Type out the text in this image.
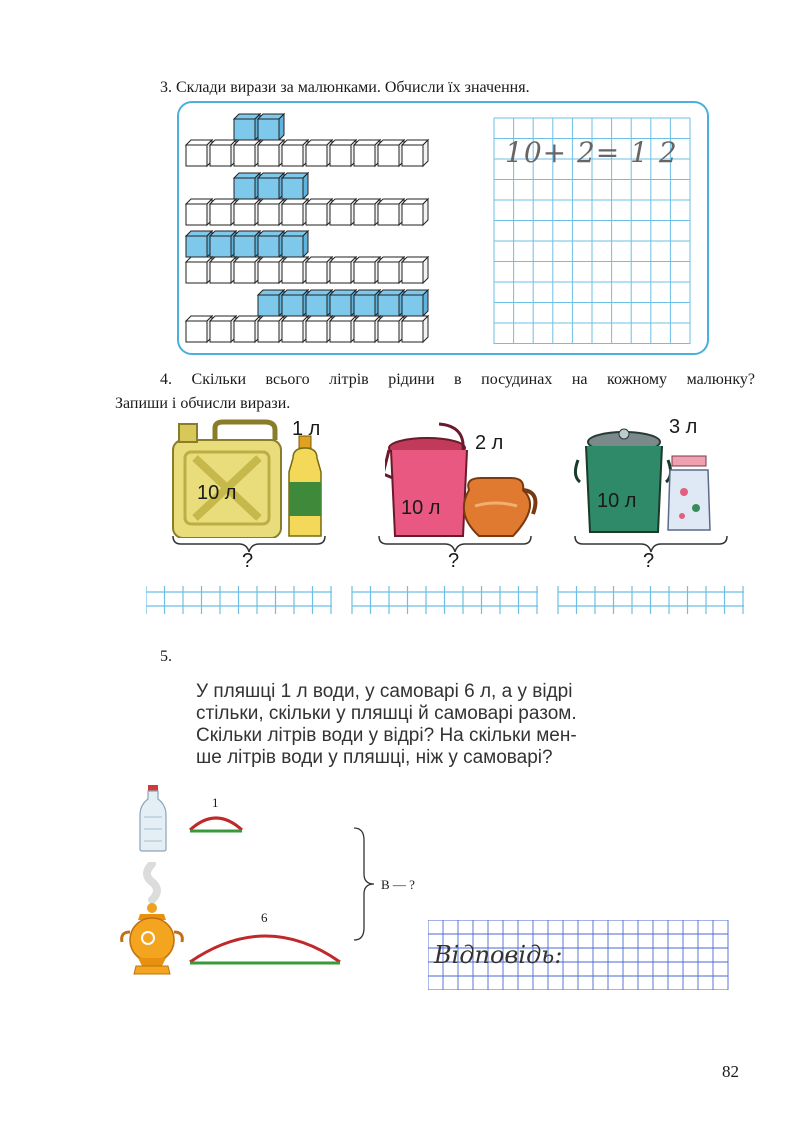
3. Склади вирази за малюнками. Обчисли їх значення.
10+ 2= 1 2
4. Скільки всього літрів рідини в посудинах на кожному малюнку?
Запиши і обчисли вирази.
10 л
1 л
10 л
2 л
10 л
3 л
?	?	?
5.
У пляшці 1 л води, у самоварі 6 л, а у відрі
стільки, скільки у пляшці й самоварі разом.
Скільки літрів води у відрі? На скільки мен-
ше літрів води у пляшці, ніж у самоварі?
1
6
В — ?
Відповідь:
82
